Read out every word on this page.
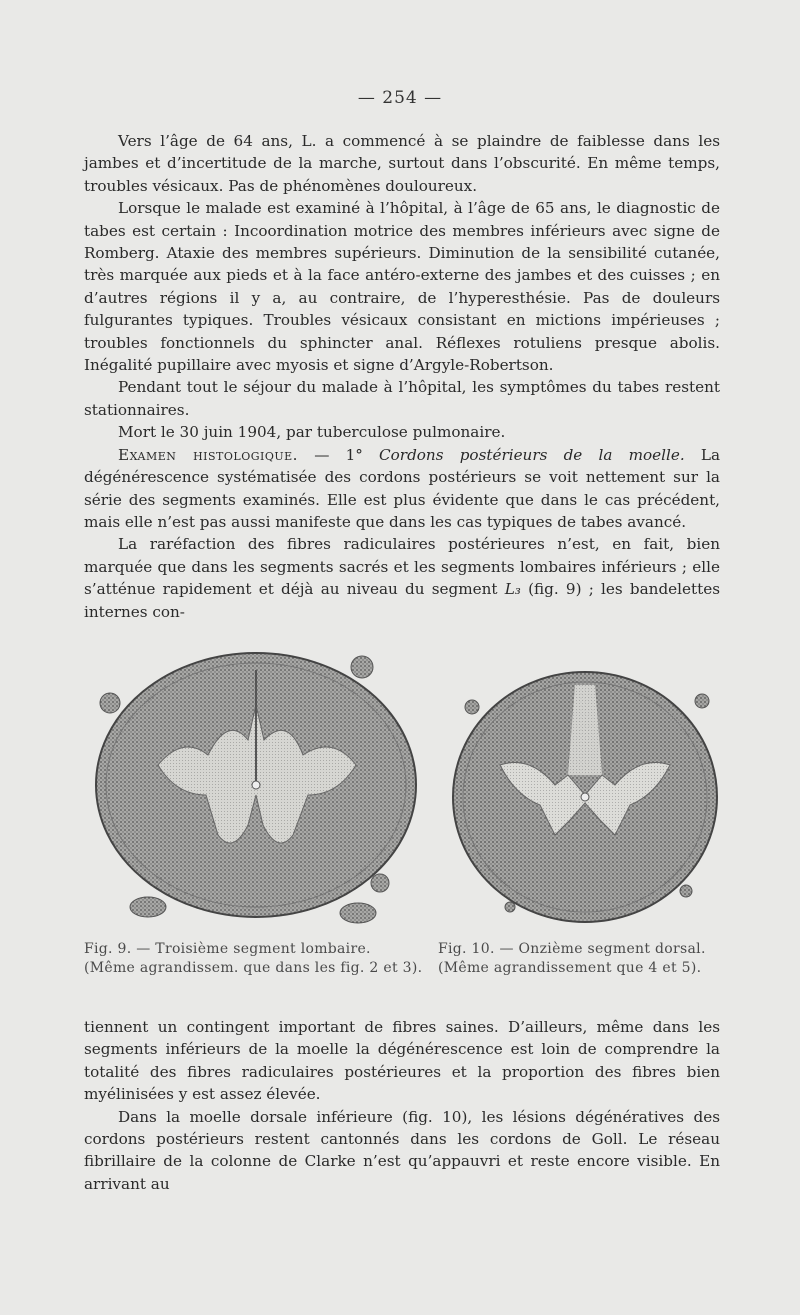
— 254 —

Vers l’âge de 64 ans, L. a commencé à se plaindre de faiblesse dans les jambes et d’incertitude de la marche, surtout dans l’obscurité. En même temps, troubles vésicaux. Pas de phénomènes douloureux.

Lorsque le malade est examiné à l’hôpital, à l’âge de 65 ans, le diagnostic de tabes est certain : Incoordination motrice des membres inférieurs avec signe de Romberg. Ataxie des membres supérieurs. Diminution de la sensibilité cutanée, très marquée aux pieds et à la face antéro-externe des jambes et des cuisses ; en d’autres régions il y a, au contraire, de l’hyperesthésie. Pas de douleurs fulgurantes typiques. Troubles vésicaux consistant en mictions impérieuses ; troubles fonctionnels du sphincter anal. Réflexes rotuliens presque abolis. Inégalité pupillaire avec myosis et signe d’Argyle-Robertson.

Pendant tout le séjour du malade à l’hôpital, les symptômes du tabes restent stationnaires.

Mort le 30 juin 1904, par tuberculose pulmonaire.

Examen histologique. — 1° Cordons postérieurs de la moelle. La dégénérescence systématisée des cordons postérieurs se voit nettement sur la série des segments examinés. Elle est plus évidente que dans le cas précédent, mais elle n’est pas aussi manifeste que dans les cas typiques de tabes avancé.

La raréfaction des fibres radiculaires postérieures n’est, en fait, bien marquée que dans les segments sacrés et les segments lombaires inférieurs ; elle s’atténue rapidement et déjà au niveau du segment L₃ (fig. 9) ; les bandelettes internes con-

Fig. 9. — Troisième segment lombaire.
(Même agrandissem. que dans les fig. 2 et 3).
Fig. 10. — Onzième segment dorsal.
(Même agrandissement que 4 et 5).

tiennent un contingent important de fibres saines. D’ailleurs, même dans les segments inférieurs de la moelle la dégénérescence est loin de comprendre la totalité des fibres radiculaires postérieures et la proportion des fibres bien myélinisées y est assez élevée.

Dans la moelle dorsale inférieure (fig. 10), les lésions dégénératives des cordons postérieurs restent cantonnés dans les cordons de Goll. Le réseau fibrillaire de la colonne de Clarke n’est qu’appauvri et reste encore visible. En arrivant au
